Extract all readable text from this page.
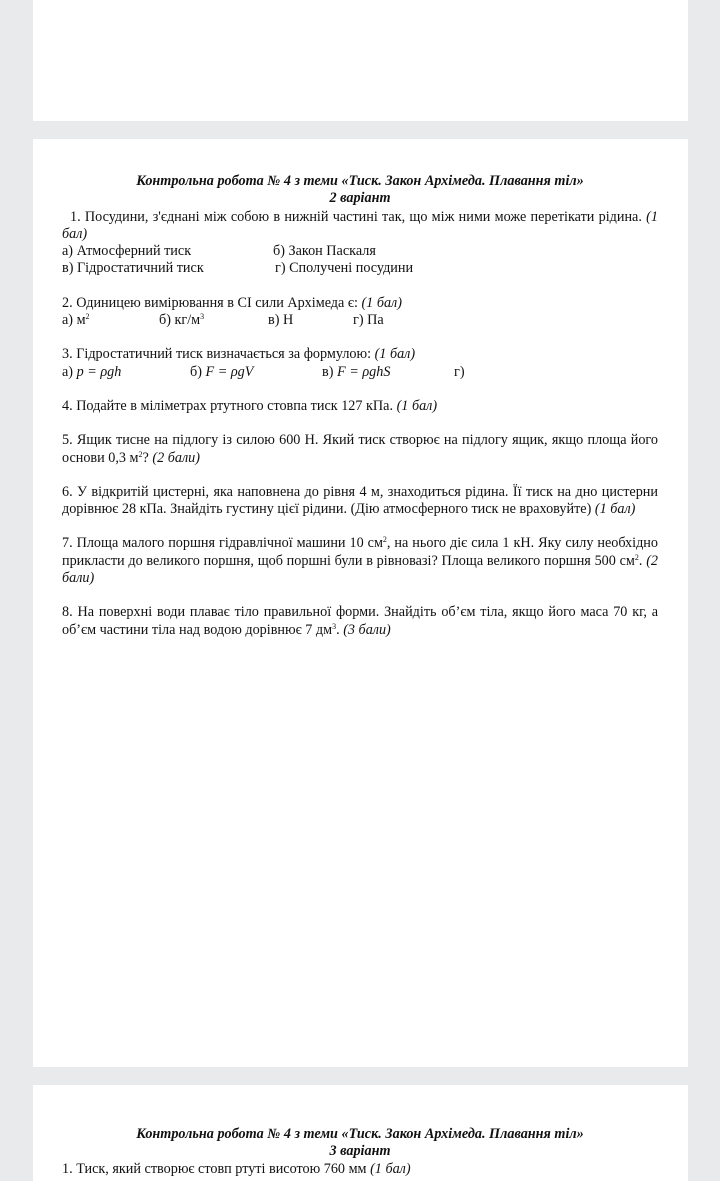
Контрольна робота № 4 з теми «Тиск. Закон Архімеда. Плавання тіл»
2 варіант
1. Посудини, з'єднані між собою в нижній частині так, що між ними може перетікати рідина. (1 бал)
а) Атмосферний тиск	б) Закон Паскаля
в) Гідростатичний тиск	г) Сполучені посудини
2. Одиницею вимірювання в СІ сили Архімеда є: (1 бал)
а) $м^2$	б) $кг/м^3$	в) Н	г) Па
3. Гідростатичний тиск визначається за формулою: (1 бал)
а) p = ρgh	б) F = ρgV	в) F = ρghS	г)
4. Подайте в міліметрах ртутного стовпа тиск 127 кПа. (1 бал)
5. Ящик тисне на підлогу із силою 600 Н. Який тиск створює на підлогу ящик, якщо площа його основи 0,3 $м^2$? (2 бали)
6. У відкритій цистерні, яка наповнена до рівня 4 м, знаходиться рідина. Її тиск на дно цистерни дорівнює 28 кПа. Знайдіть густину цієї рідини. (Дію атмосферного тиск не враховуйте) (1 бал)
7. Площа малого поршня гідравлічної машини 10 $см^2$, на нього діє сила 1 кН. Яку силу необхідно прикласти до великого поршня, щоб поршні були в рівновазі? Площа великого поршня 500 $см^2$. (2 бали)
8. На поверхні води плаває тіло правильної форми. Знайдіть об’єм тіла, якщо його маса 70 кг, а об’єм частини тіла над водою дорівнює 7 $дм^3$. (3 бали)
Контрольна робота № 4 з теми «Тиск. Закон Архімеда. Плавання тіл»
3 варіант
1. Тиск, який створює стовп ртуті висотою 760 мм (1 бал)
